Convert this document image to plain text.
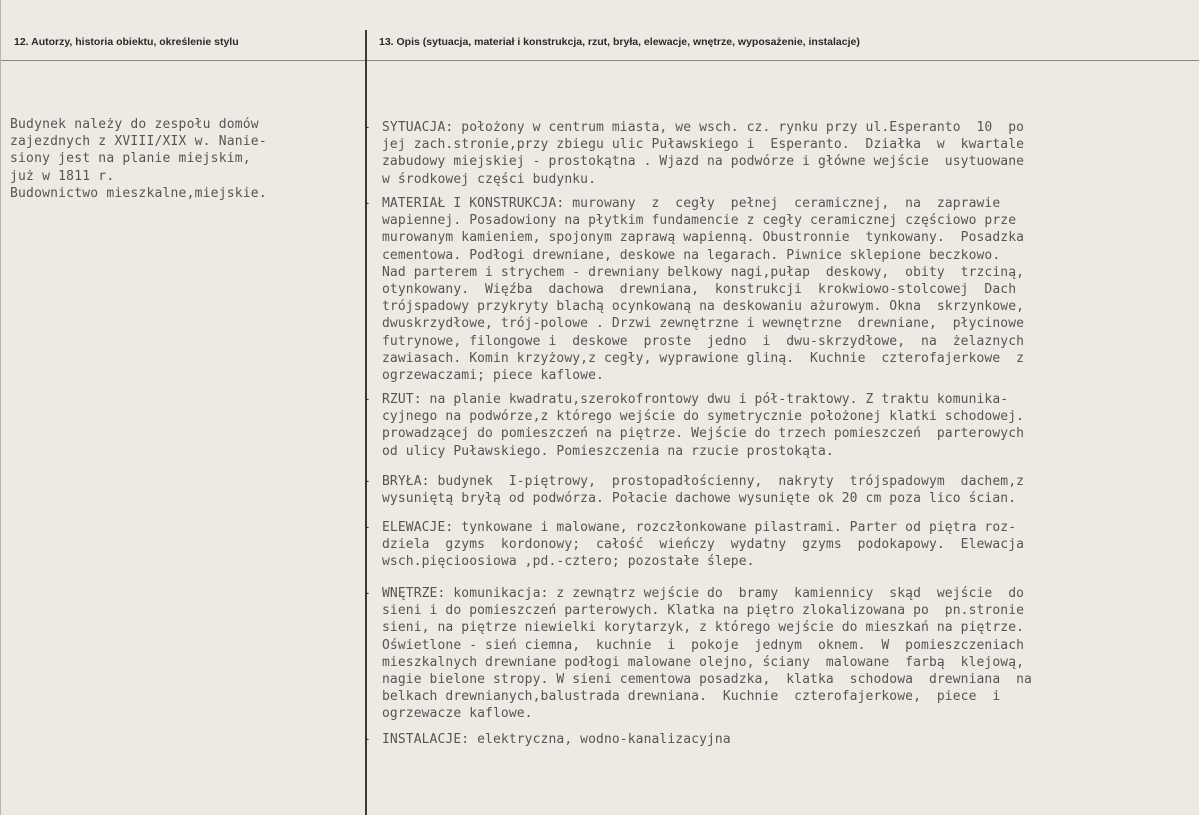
12. Autorzy, historia obiektu, określenie stylu	13. Opis (sytuacja, materiał i konstrukcja, rzut, bryła, elewacje, wnętrze, wyposażenie, instalacje)
Budynek należy do zespołu domów
zajezdnych z XVIII/XIX w. Nanie-
siony jest na planie miejskim,
już w 1811 r.
Budownictwo mieszkalne,miejskie.
- SYTUACJA: położony w centrum miasta, we wsch. cz. rynku przy ul.Esperanto  10  po
jej zach.stronie,przy zbiegu ulic Puławskiego i  Esperanto.  Działka  w  kwartale
zabudowy miejskiej - prostokątna . Wjazd na podwórze i główne wejście  usytuowane
w środkowej części budynku.
- MATERIAŁ I KONSTRUKCJA: murowany  z  cegły  pełnej  ceramicznej,  na  zaprawie
wapiennej. Posadowiony na płytkim fundamencie z cegły ceramicznej częściowo prze
murowanym kamieniem, spojonym zaprawą wapienną. Obustronnie  tynkowany.  Posadzka
cementowa. Podłogi drewniane, deskowe na legarach. Piwnice sklepione beczkowo.
Nad parterem i strychem - drewniany belkowy nagi,pułap  deskowy,  obity  trzciną,
otynkowany.  Więźba  dachowa  drewniana,  konstrukcji  krokwiowo-stolcowej  Dach
trójspadowy przykryty blachą ocynkowaną na deskowaniu ażurowym. Okna  skrzynkowe,
dwuskrzydłowe, trój-polowe . Drzwi zewnętrzne i wewnętrzne  drewniane,  płycinowe
futrynowe, filongowe i  deskowe  proste  jedno  i  dwu-skrzydłowe,  na  żelaznych
zawiasach. Komin krzyżowy,z cegły, wyprawione gliną.  Kuchnie  czterofajerkowe  z
ogrzewaczami; piece kaflowe.
- RZUT: na planie kwadratu,szerokofrontowy dwu i pół-traktowy. Z traktu komunika-
cyjnego na podwórze,z którego wejście do symetrycznie położonej klatki schodowej.
prowadzącej do pomieszczeń na piętrze. Wejście do trzech pomieszczeń  parterowych
od ulicy Puławskiego. Pomieszczenia na rzucie prostokąta.
- BRYŁA: budynek  I-piętrowy,  prostopadłościenny,  nakryty  trójspadowym  dachem,z
wysuniętą bryłą od podwórza. Połacie dachowe wysunięte ok 20 cm poza lico ścian.
- ELEWACJE: tynkowane i malowane, rozczłonkowane pilastrami. Parter od piętra roz-
dziela  gzyms  kordonowy;  całość  wieńczy  wydatny  gzyms  podokapowy.  Elewacja
wsch.pięcioosiowa ,pd.-cztero; pozostałe ślepe.
- WNĘTRZE: komunikacja: z zewnątrz wejście do  bramy  kamiennicy  skąd  wejście  do
sieni i do pomieszczeń parterowych. Klatka na piętro zlokalizowana po  pn.stronie
sieni, na piętrze niewielki korytarzyk, z którego wejście do mieszkań na piętrze.
Oświetlone - sień ciemna,  kuchnie  i  pokoje  jednym  oknem.  W  pomieszczeniach
mieszkalnych drewniane podłogi malowane olejno, ściany  malowane  farbą  klejową,
nagie bielone stropy. W sieni cementowa posadzka,  klatka  schodowa  drewniana  na
belkach drewnianych,balustrada drewniana.  Kuchnie  czterofajerkowe,  piece  i
ogrzewacze kaflowe.
- INSTALACJE: elektryczna, wodno-kanalizacyjna
